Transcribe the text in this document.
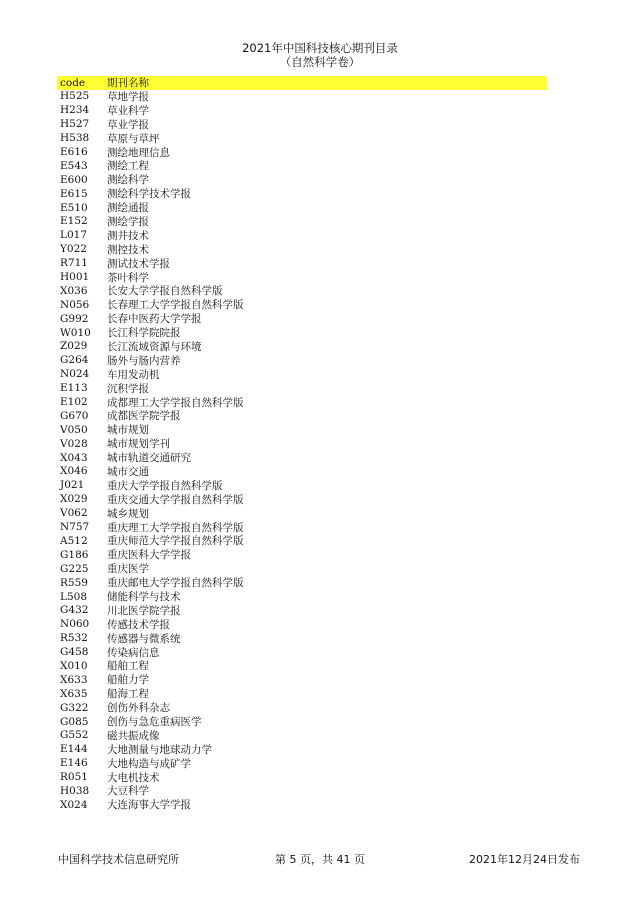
2021年中国科技核心期刊目录
（自然科学卷）
code	期刊名称
H525	草地学报
H234	草业科学
H527	草业学报
H538	草原与草坪
E616	测绘地理信息
E543	测绘工程
E600	测绘科学
E615	测绘科学技术学报
E510	测绘通报
E152	测绘学报
L017	测井技术
Y022	测控技术
R711	测试技术学报
H001	茶叶科学
X036	长安大学学报自然科学版
N056	长春理工大学学报自然科学版
G992	长春中医药大学学报
W010	长江科学院院报
Z029	长江流域资源与环境
G264	肠外与肠内营养
N024	车用发动机
E113	沉积学报
E102	成都理工大学学报自然科学版
G670	成都医学院学报
V050	城市规划
V028	城市规划学刊
X043	城市轨道交通研究
X046	城市交通
J021	重庆大学学报自然科学版
X029	重庆交通大学学报自然科学版
V062	城乡规划
N757	重庆理工大学学报自然科学版
A512	重庆师范大学学报自然科学版
G186	重庆医科大学学报
G225	重庆医学
R559	重庆邮电大学学报自然科学版
L508	储能科学与技术
G432	川北医学院学报
N060	传感技术学报
R532	传感器与微系统
G458	传染病信息
X010	船舶工程
X633	船舶力学
X635	船海工程
G322	创伤外科杂志
G085	创伤与急危重病医学
G552	磁共振成像
E144	大地测量与地球动力学
E146	大地构造与成矿学
R051	大电机技术
H038	大豆科学
X024	大连海事大学学报
中国科学技术信息研究所	第 5 页，共 41 页	2021年12月24日发布
